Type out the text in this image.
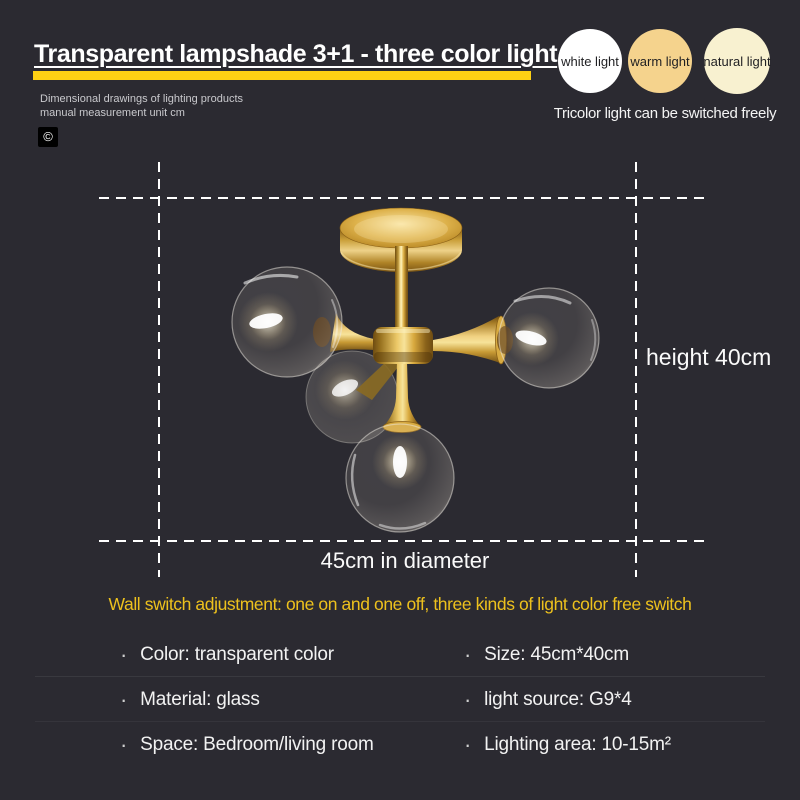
Transparent lampshade 3+1 - three color light
Dimensional drawings of lighting products
manual measurement unit cm
©
white light warm light natural light
Tricolor light can be switched freely
height 40cm
45cm in diameter
Wall switch adjustment: one on and one off, three kinds of light color free switch
· Color: transparent color
· Material: glass
· Space: Bedroom/living room
· Size: 45cm*40cm
· light source: G9*4
· Lighting area: 10-15m²
